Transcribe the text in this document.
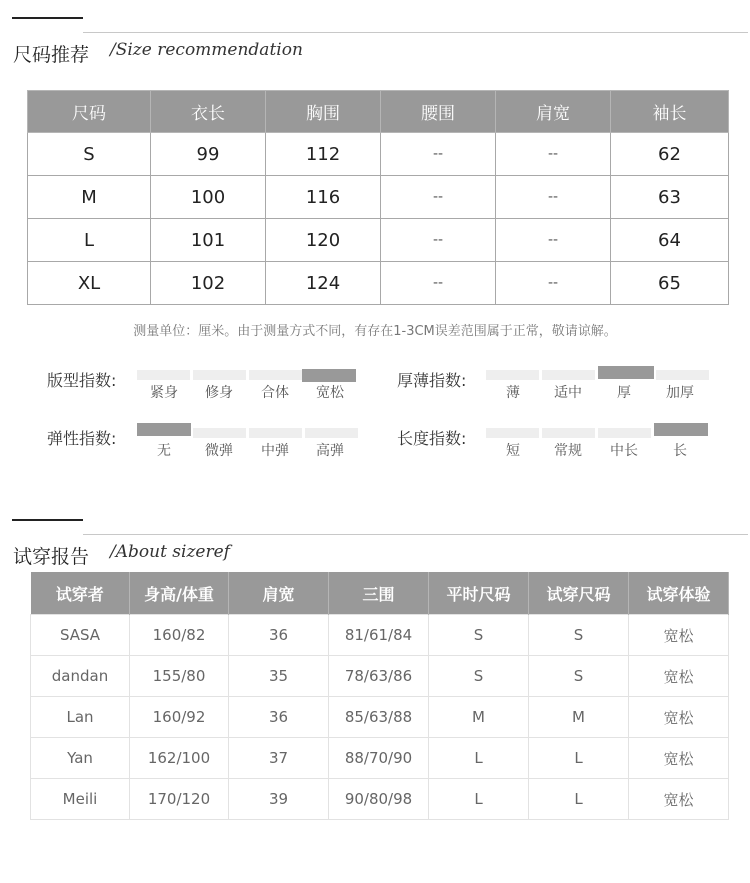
尺码推荐 /Size recommendation
尺码	衣长	胸围	腰围	肩宽	袖长
S	99	112	--	--	62
M	100	116	--	--	63
L	101	120	--	--	64
XL	102	124	--	--	65
测量单位：厘米。由于测量方式不同，有存在1-3CM误差范围属于正常，敬请谅解。
版型指数:
紧身	修身	合体	宽松
厚薄指数:
薄	适中	厚	加厚
弹性指数:
无	微弹	中弹	高弹
长度指数:
短	常规	中长	长
试穿报告 /About sizeref
试穿者	身高/体重	肩宽	三围	平时尺码	试穿尺码	试穿体验
SASA	160/82	36	81/61/84	S	S	宽松
dandan	155/80	35	78/63/86	S	S	宽松
Lan	160/92	36	85/63/88	M	M	宽松
Yan	162/100	37	88/70/90	L	L	宽松
Meili	170/120	39	90/80/98	L	L	宽松
